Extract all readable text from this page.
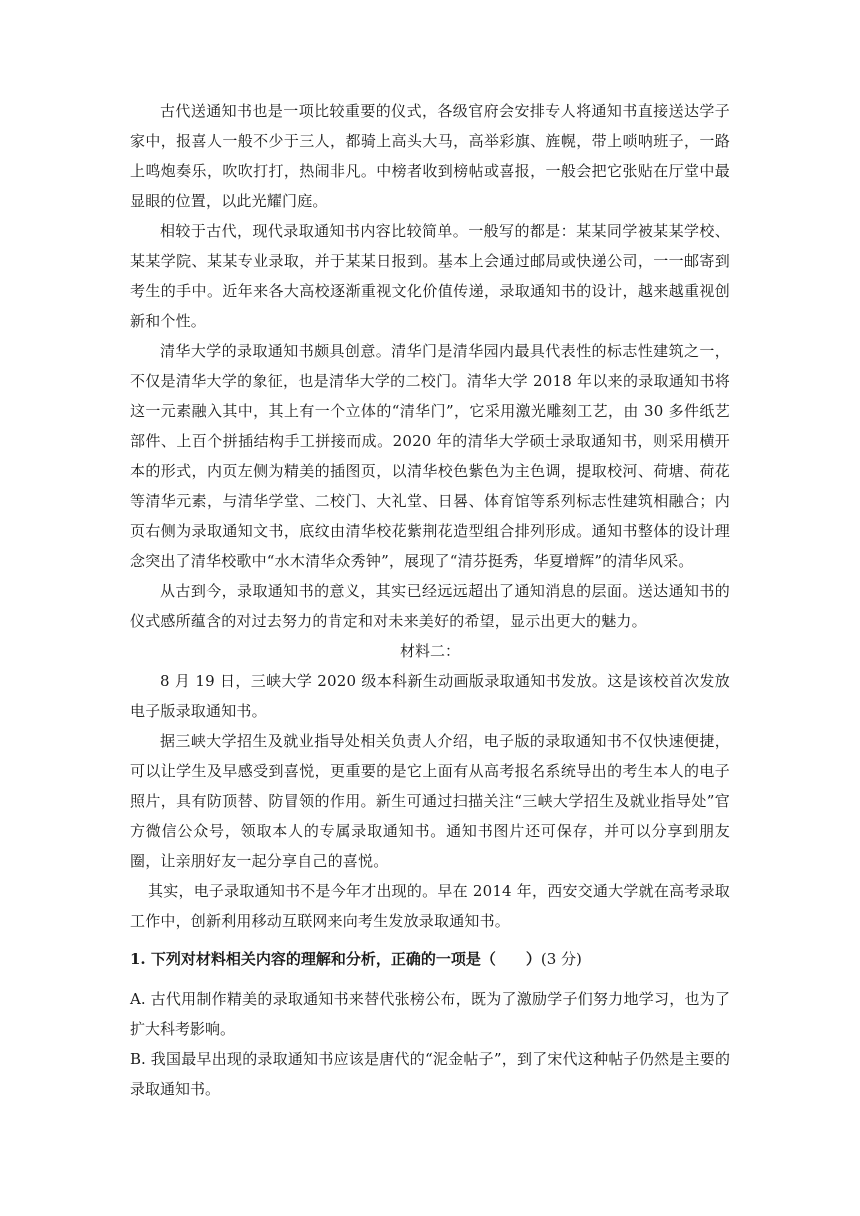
古代送通知书也是一项比较重要的仪式，各级官府会安排专人将通知书直接送达学子家中，报喜人一般不少于三人，都骑上高头大马，高举彩旗、旌幌，带上唢呐班子，一路上鸣炮奏乐，吹吹打打，热闹非凡。中榜者收到榜帖或喜报，一般会把它张贴在厅堂中最显眼的位置，以此光耀门庭。

相较于古代，现代录取通知书内容比较简单。一般写的都是：某某同学被某某学校、某某学院、某某专业录取，并于某某日报到。基本上会通过邮局或快递公司，一一邮寄到考生的手中。近年来各大高校逐渐重视文化价值传递，录取通知书的设计，越来越重视创新和个性。

清华大学的录取通知书颇具创意。清华门是清华园内最具代表性的标志性建筑之一，不仅是清华大学的象征，也是清华大学的二校门。清华大学 2018 年以来的录取通知书将这一元素融入其中，其上有一个立体的“清华门”，它采用激光雕刻工艺，由 30 多件纸艺部件、上百个拼插结构手工拼接而成。2020 年的清华大学硕士录取通知书，则采用横开本的形式，内页左侧为精美的插图页，以清华校色紫色为主色调，提取校河、荷塘、荷花等清华元素，与清华学堂、二校门、大礼堂、日晷、体育馆等系列标志性建筑相融合；内页右侧为录取通知文书，底纹由清华校花紫荆花造型组合排列形成。通知书整体的设计理念突出了清华校歌中“水木清华众秀钟”，展现了“清芬挺秀，华夏增辉”的清华风采。

从古到今，录取通知书的意义，其实已经远远超出了通知消息的层面。送达通知书的仪式感所蕴含的对过去努力的肯定和对未来美好的希望，显示出更大的魅力。

材料二：

8 月 19 日，三峡大学 2020 级本科新生动画版录取通知书发放。这是该校首次发放电子版录取通知书。

据三峡大学招生及就业指导处相关负责人介绍，电子版的录取通知书不仅快速便捷，可以让学生及早感受到喜悦，更重要的是它上面有从高考报名系统导出的考生本人的电子照片，具有防顶替、防冒领的作用。新生可通过扫描关注“三峡大学招生及就业指导处”官方微信公众号，领取本人的专属录取通知书。通知书图片还可保存，并可以分享到朋友圈，让亲朋好友一起分享自己的喜悦。

其实，电子录取通知书不是今年才出现的。早在 2014 年，西安交通大学就在高考录取工作中，创新利用移动互联网来向考生发放录取通知书。

1. 下列对材料相关内容的理解和分析，正确的一项是（　　）(3 分)

A. 古代用制作精美的录取通知书来替代张榜公布，既为了激励学子们努力地学习，也为了扩大科考影响。

B. 我国最早出现的录取通知书应该是唐代的“泥金帖子”，到了宋代这种帖子仍然是主要的录取通知书。
